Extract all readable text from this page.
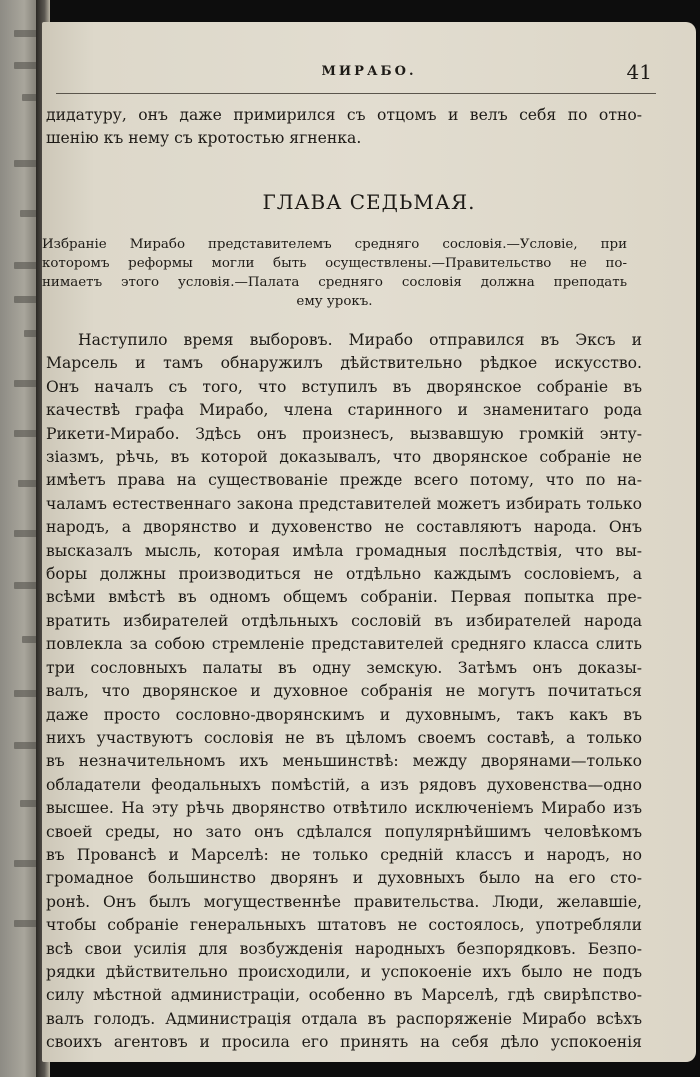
МИРАБО.	41
дидатуру, онъ даже примирился съ отцомъ и велъ себя по отно-
шенію къ нему съ кротостью ягненка.
ГЛАВА СЕДЬМАЯ.
Избраніе Мирабо представителемъ средняго сословія.—Условіе, при
которомъ реформы могли быть осуществлены.—Правительство не по-
нимаетъ этого условія.—Палата средняго сословія должна преподать
ему урокъ.
Наступило время выборовъ. Мирабо отправился въ Эксъ и
Марсель и тамъ обнаружилъ дѣйствительно рѣдкое искусство.
Онъ началъ съ того, что вступилъ въ дворянское собраніе въ
качествѣ графа Мирабо, члена старинного и знаменитаго рода
Рикети-Мирабо. Здѣсь онъ произнесъ, вызвавшую громкій энту-
зіазмъ, рѣчь, въ которой доказывалъ, что дворянское собраніе не
имѣетъ права на существованіе прежде всего потому, что по на-
чаламъ естественнаго закона представителей можетъ избирать только
народъ, а дворянство и духовенство не составляютъ народа. Онъ
высказалъ мысль, которая имѣла громадныя послѣдствія, что вы-
боры должны производиться не отдѣльно каждымъ сословіемъ, а
всѣми вмѣстѣ въ одномъ общемъ собраніи. Первая попытка пре-
вратить избирателей отдѣльныхъ сословій въ избирателей народа
повлекла за собою стремленіе представителей средняго класса слить
три сословныхъ палаты въ одну земскую. Затѣмъ онъ доказы-
валъ, что дворянское и духовное собранія не могутъ почитаться
даже просто сословно-дворянскимъ и духовнымъ, такъ какъ въ
нихъ участвуютъ сословія не въ цѣломъ своемъ составѣ, а только
въ незначительномъ ихъ меньшинствѣ: между дворянами—только
обладатели феодальныхъ помѣстій, а изъ рядовъ духовенства—одно
высшее. На эту рѣчь дворянство отвѣтило исключеніемъ Мирабо изъ
своей среды, но зато онъ сдѣлался популярнѣйшимъ человѣкомъ
въ Провансѣ и Марселѣ: не только средній классъ и народъ, но
громадное большинство дворянъ и духовныхъ было на его сто-
ронѣ. Онъ былъ могущественнѣе правительства. Люди, желавшіе,
чтобы собраніе генеральныхъ штатовъ не состоялось, употребляли
всѣ свои усилія для возбужденія народныхъ безпорядковъ. Безпо-
рядки дѣйствительно происходили, и успокоеніе ихъ было не подъ
силу мѣстной администраціи, особенно въ Марселѣ, гдѣ свирѣпство-
валъ голодъ. Администрація отдала въ распоряженіе Мирабо всѣхъ
своихъ агентовъ и просила его принять на себя дѣло успокоенія
